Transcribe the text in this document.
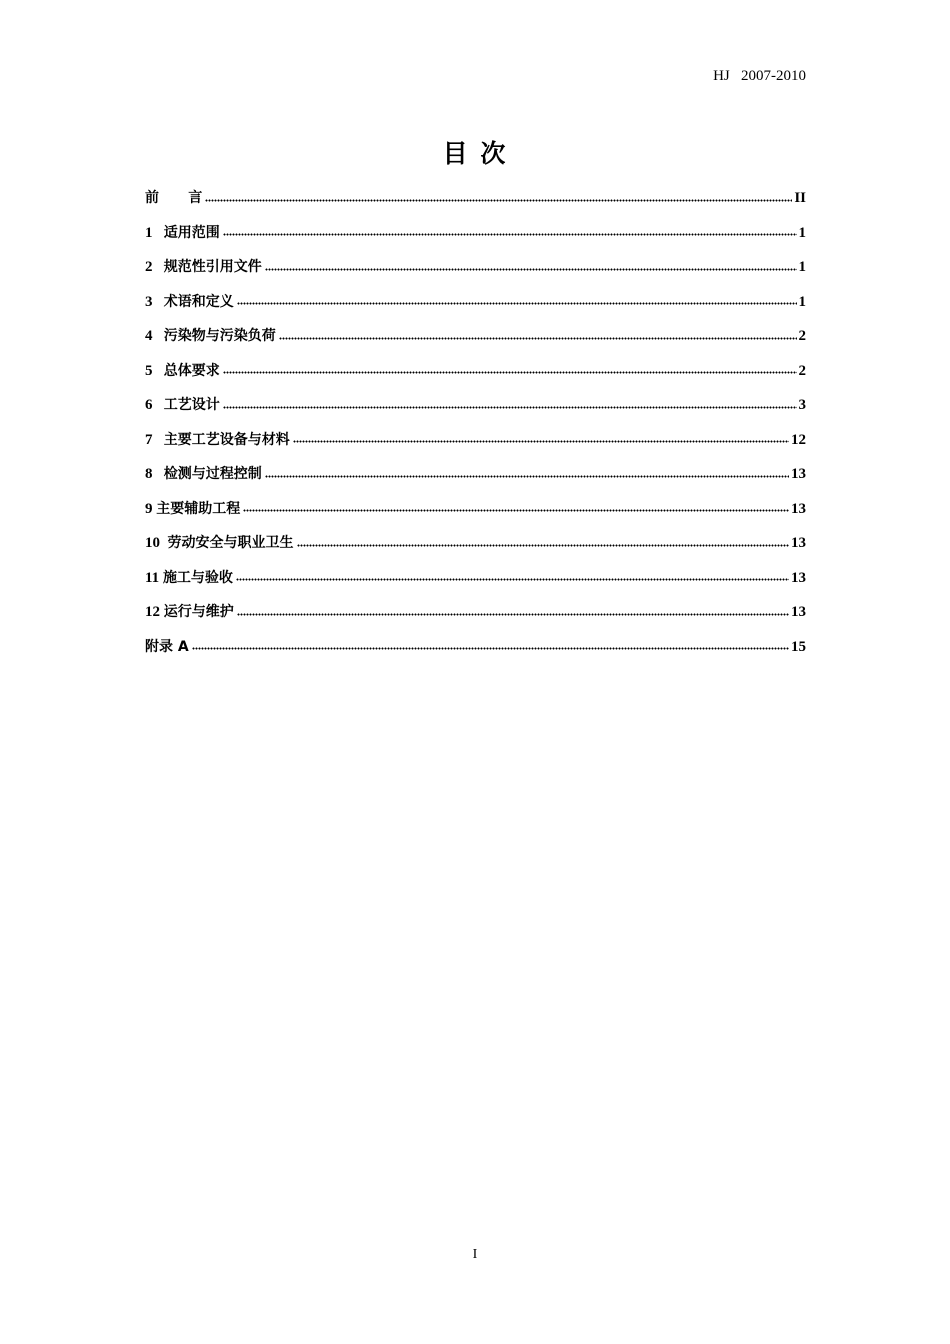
HJ   2007-2010
目 次
前      言	II
1 适用范围	1
2 规范性引用文件	1
3 术语和定义	1
4 污染物与污染负荷	2
5 总体要求	2
6 工艺设计	3
7 主要工艺设备与材料	12
8 检测与过程控制	13
9 主要辅助工程	13
10 劳动安全与职业卫生	13
11 施工与验收	13
12 运行与维护	13
附录 A	15
I
